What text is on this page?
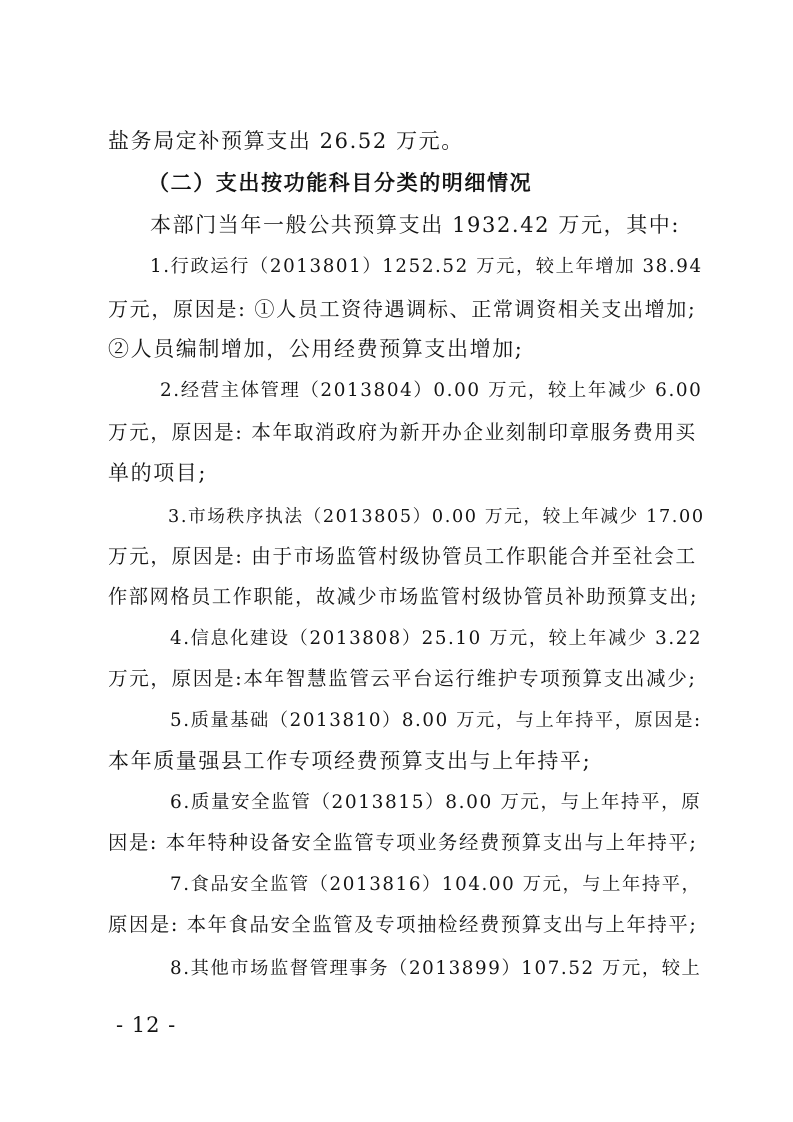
盐务局定补预算支出 26.52 万元。
（二）支出按功能科目分类的明细情况
本部门当年一般公共预算支出 1932.42 万元，其中:
1.行政运行（2013801）1252.52 万元，较上年增加 38.94
万元，原因是: ①人员工资待遇调标、正常调资相关支出增加;
②人员编制增加，公用经费预算支出增加;
2.经营主体管理（2013804）0.00 万元，较上年减少 6.00
万元，原因是: 本年取消政府为新开办企业刻制印章服务费用买
单的项目;
3.市场秩序执法（2013805）0.00 万元，较上年减少 17.00
万元，原因是: 由于市场监管村级协管员工作职能合并至社会工
作部网格员工作职能，故减少市场监管村级协管员补助预算支出;
4.信息化建设（2013808）25.10 万元，较上年减少 3.22
万元，原因是:本年智慧监管云平台运行维护专项预算支出减少;
5.质量基础（2013810）8.00 万元，与上年持平，原因是:
本年质量强县工作专项经费预算支出与上年持平;
6.质量安全监管（2013815）8.00 万元，与上年持平，原
因是: 本年特种设备安全监管专项业务经费预算支出与上年持平;
7.食品安全监管（2013816）104.00 万元，与上年持平，
原因是: 本年食品安全监管及专项抽检经费预算支出与上年持平;
8.其他市场监督管理事务（2013899）107.52 万元，较上
- 12 -
